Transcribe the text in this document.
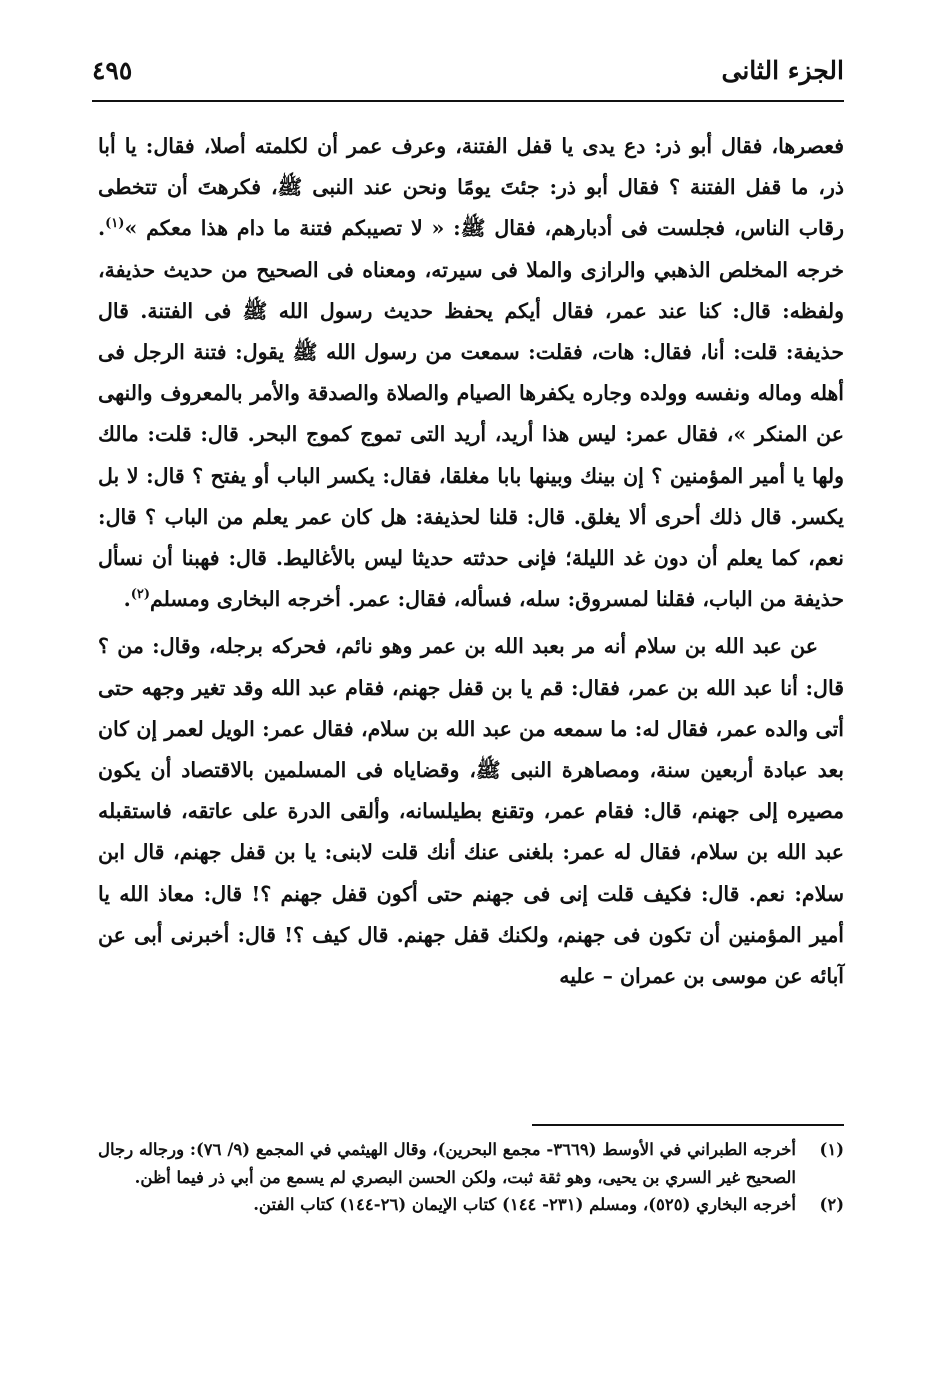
الجزء الثانى
٤٩٥

فعصرها، فقال أبو ذر: دع يدى يا قفل الفتنة، وعرف عمر أن لكلمته أصلا، فقال: يا أبا ذر، ما قفل الفتنة ؟ فقال أبو ذر: جئتَ يومًا ونحن عند النبى ﷺ، فكرهتَ أن تتخطى رقاب الناس، فجلست فى أدبارهم، فقال ﷺ: « لا تصيبكم فتنة ما دام هذا معكم »$^{(١)}$. خرجه المخلص الذهبي والرازى والملا فى سيرته، ومعناه فى الصحيح من حديث حذيفة، ولفظه: قال: كنا عند عمر، فقال أيكم يحفظ حديث رسول الله ﷺ فى الفتنة. قال حذيفة: قلت: أنا، فقال: هات، فقلت: سمعت من رسول الله ﷺ يقول: فتنة الرجل فى أهله وماله ونفسه وولده وجاره يكفرها الصيام والصلاة والصدقة والأمر بالمعروف والنهى عن المنكر »، فقال عمر: ليس هذا أريد، أريد التى تموج كموج البحر. قال: قلت: مالك ولها يا أمير المؤمنين ؟ إن بينك وبينها بابا مغلقا، فقال: يكسر الباب أو يفتح ؟ قال: لا بل يكسر. قال ذلك أحرى ألا يغلق. قال: قلنا لحذيفة: هل كان عمر يعلم من الباب ؟ قال: نعم، كما يعلم أن دون غد الليلة؛ فإنى حدثته حديثا ليس بالأغاليط. قال: فهبنا أن نسأل حذيفة من الباب، فقلنا لمسروق: سله، فسأله، فقال: عمر. أخرجه البخارى ومسلم$^{(٢)}$.

عن عبد الله بن سلام أنه مر بعبد الله بن عمر وهو نائم، فحركه برجله، وقال: من ؟ قال: أنا عبد الله بن عمر، فقال: قم يا بن قفل جهنم، فقام عبد الله وقد تغير وجهه حتى أتى والده عمر، فقال له: ما سمعه من عبد الله بن سلام، فقال عمر: الويل لعمر إن كان بعد عبادة أربعين سنة، ومصاهرة النبى ﷺ، وقضاياه فى المسلمين بالاقتصاد أن يكون مصيره إلى جهنم، قال: فقام عمر، وتقنع بطيلسانه، وألقى الدرة على عاتقه، فاستقبله عبد الله بن سلام، فقال له عمر: بلغنى عنك أنك قلت لابنى: يا بن قفل جهنم، قال ابن سلام: نعم. قال: فكيف قلت إنى فى جهنم حتى أكون قفل جهنم ؟! قال: معاذ الله يا أمير المؤمنين أن تكون فى جهنم، ولكنك قفل جهنم. قال كيف ؟! قال: أخبرنى أبى عن آبائه عن موسى بن عمران – عليه

(١)
أخرجه الطبراني في الأوسط (٣٦٦٩- مجمع البحرين)، وقال الهيثمي في المجمع (٩/ ٧٦): ورجاله رجال الصحيح غير السري بن يحيى، وهو ثقة ثبت، ولكن الحسن البصري لم يسمع من أبي ذر فيما أظن.
(٢)
أخرجه البخاري (٥٢٥)، ومسلم (٢٣١- ١٤٤) كتاب الإيمان (٢٦-١٤٤) كتاب الفتن.
